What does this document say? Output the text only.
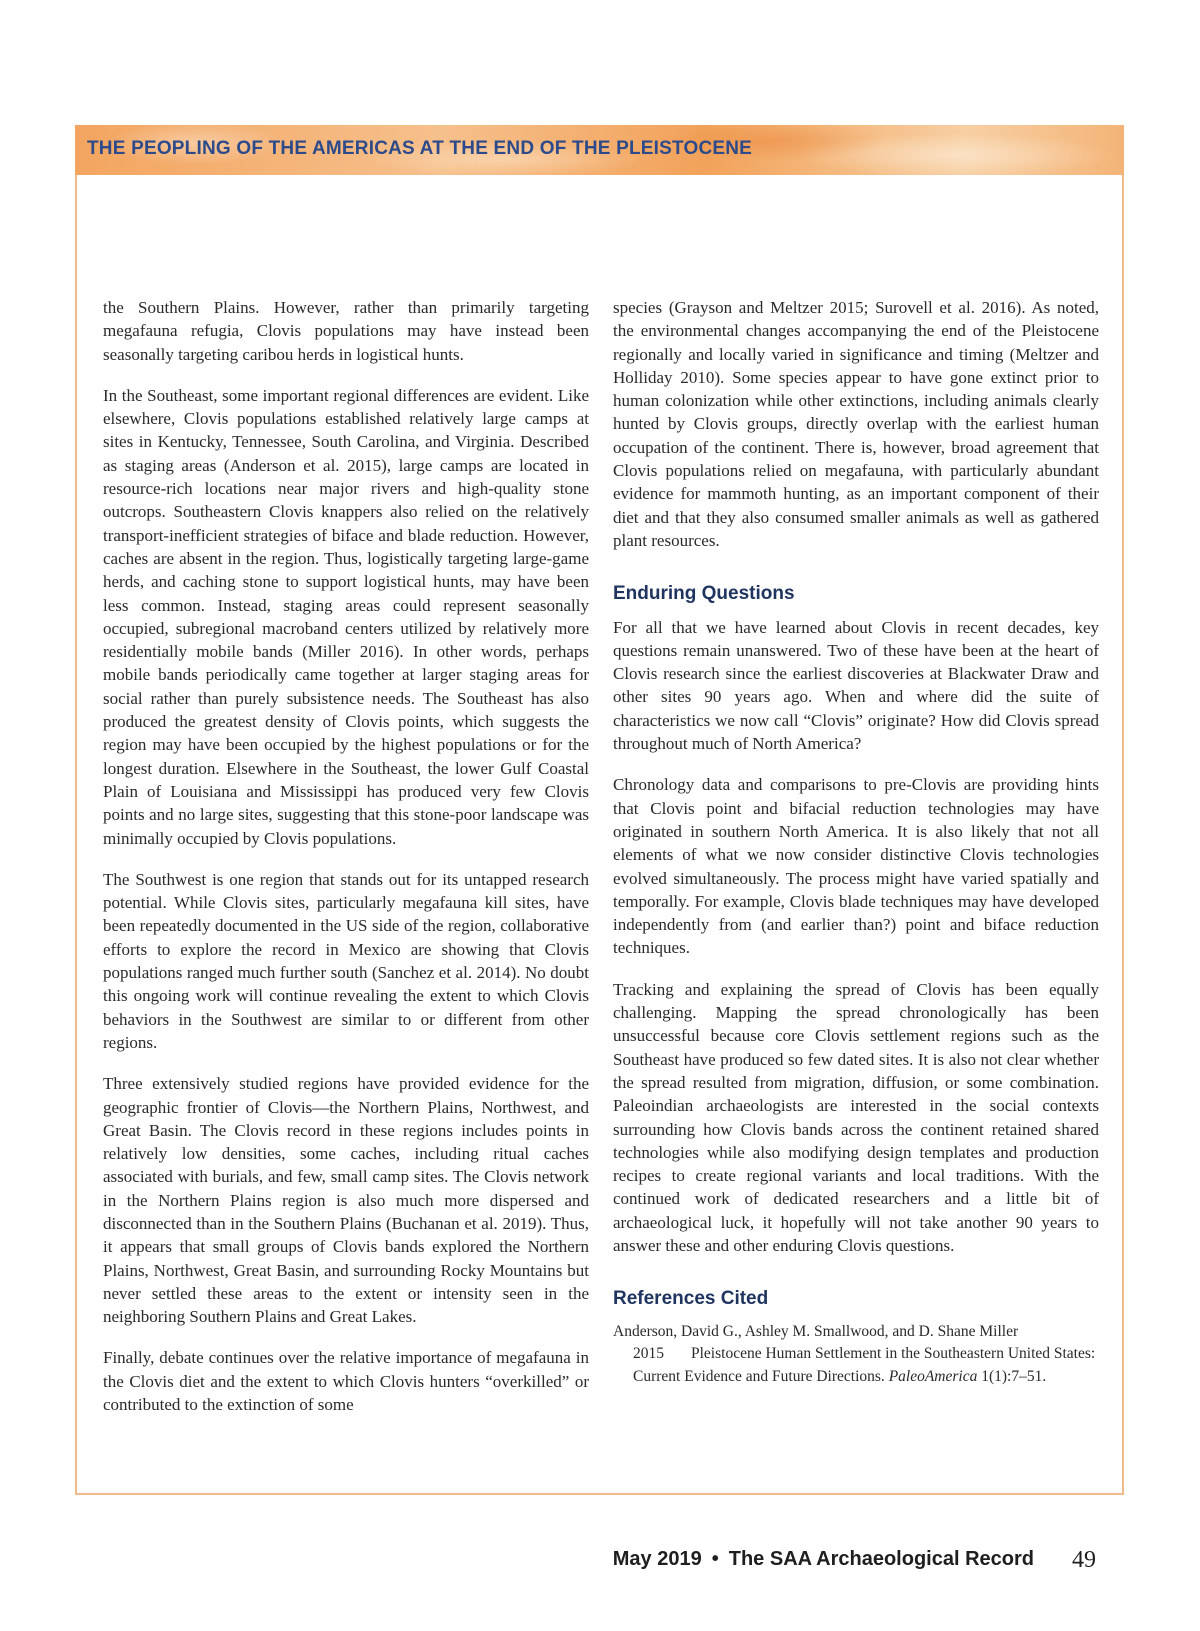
THE PEOPLING OF THE AMERICAS AT THE END OF THE PLEISTOCENE

the Southern Plains. However, rather than primarily targeting megafauna refugia, Clovis populations may have instead been seasonally targeting caribou herds in logistical hunts.

In the Southeast, some important regional differences are evident. Like elsewhere, Clovis populations established relatively large camps at sites in Kentucky, Tennessee, South Carolina, and Virginia. Described as staging areas (Anderson et al. 2015), large camps are located in resource-rich locations near major rivers and high-quality stone outcrops. Southeastern Clovis knappers also relied on the relatively transport-inefficient strategies of biface and blade reduction. However, caches are absent in the region. Thus, logistically targeting large-game herds, and caching stone to support logistical hunts, may have been less common. Instead, staging areas could represent seasonally occupied, subregional macroband centers utilized by relatively more residentially mobile bands (Miller 2016). In other words, perhaps mobile bands periodically came together at larger staging areas for social rather than purely subsistence needs. The Southeast has also produced the greatest density of Clovis points, which suggests the region may have been occupied by the highest populations or for the longest duration. Elsewhere in the Southeast, the lower Gulf Coastal Plain of Louisiana and Mississippi has produced very few Clovis points and no large sites, suggesting that this stone-poor landscape was minimally occupied by Clovis populations.

The Southwest is one region that stands out for its untapped research potential. While Clovis sites, particularly megafauna kill sites, have been repeatedly documented in the US side of the region, collaborative efforts to explore the record in Mexico are showing that Clovis populations ranged much further south (Sanchez et al. 2014). No doubt this ongoing work will continue revealing the extent to which Clovis behaviors in the Southwest are similar to or different from other regions.

Three extensively studied regions have provided evidence for the geographic frontier of Clovis—the Northern Plains, Northwest, and Great Basin. The Clovis record in these regions includes points in relatively low densities, some caches, including ritual caches associated with burials, and few, small camp sites. The Clovis network in the Northern Plains region is also much more dispersed and disconnected than in the Southern Plains (Buchanan et al. 2019). Thus, it appears that small groups of Clovis bands explored the Northern Plains, Northwest, Great Basin, and surrounding Rocky Mountains but never settled these areas to the extent or intensity seen in the neighboring Southern Plains and Great Lakes.

Finally, debate continues over the relative importance of megafauna in the Clovis diet and the extent to which Clovis hunters “overkilled” or contributed to the extinction of some

species (Grayson and Meltzer 2015; Surovell et al. 2016). As noted, the environmental changes accompanying the end of the Pleistocene regionally and locally varied in significance and timing (Meltzer and Holliday 2010). Some species appear to have gone extinct prior to human colonization while other extinctions, including animals clearly hunted by Clovis groups, directly overlap with the earliest human occupation of the continent. There is, however, broad agreement that Clovis populations relied on megafauna, with particularly abundant evidence for mammoth hunting, as an important component of their diet and that they also consumed smaller animals as well as gathered plant resources.

Enduring Questions

For all that we have learned about Clovis in recent decades, key questions remain unanswered. Two of these have been at the heart of Clovis research since the earliest discoveries at Blackwater Draw and other sites 90 years ago. When and where did the suite of characteristics we now call “Clovis” originate? How did Clovis spread throughout much of North America?

Chronology data and comparisons to pre-Clovis are providing hints that Clovis point and bifacial reduction technologies may have originated in southern North America. It is also likely that not all elements of what we now consider distinctive Clovis technologies evolved simultaneously. The process might have varied spatially and temporally. For example, Clovis blade techniques may have developed independently from (and earlier than?) point and biface reduction techniques.

Tracking and explaining the spread of Clovis has been equally challenging. Mapping the spread chronologically has been unsuccessful because core Clovis settlement regions such as the Southeast have produced so few dated sites. It is also not clear whether the spread resulted from migration, diffusion, or some combination. Paleoindian archaeologists are interested in the social contexts surrounding how Clovis bands across the continent retained shared technologies while also modifying design templates and production recipes to create regional variants and local traditions. With the continued work of dedicated researchers and a little bit of archaeological luck, it hopefully will not take another 90 years to answer these and other enduring Clovis questions.

References Cited

Anderson, David G., Ashley M. Smallwood, and D. Shane Miller
2015 Pleistocene Human Settlement in the Southeastern United States: Current Evidence and Future Directions. PaleoAmerica 1(1):7–51.

May 2019 • The SAA Archaeological Record 49
